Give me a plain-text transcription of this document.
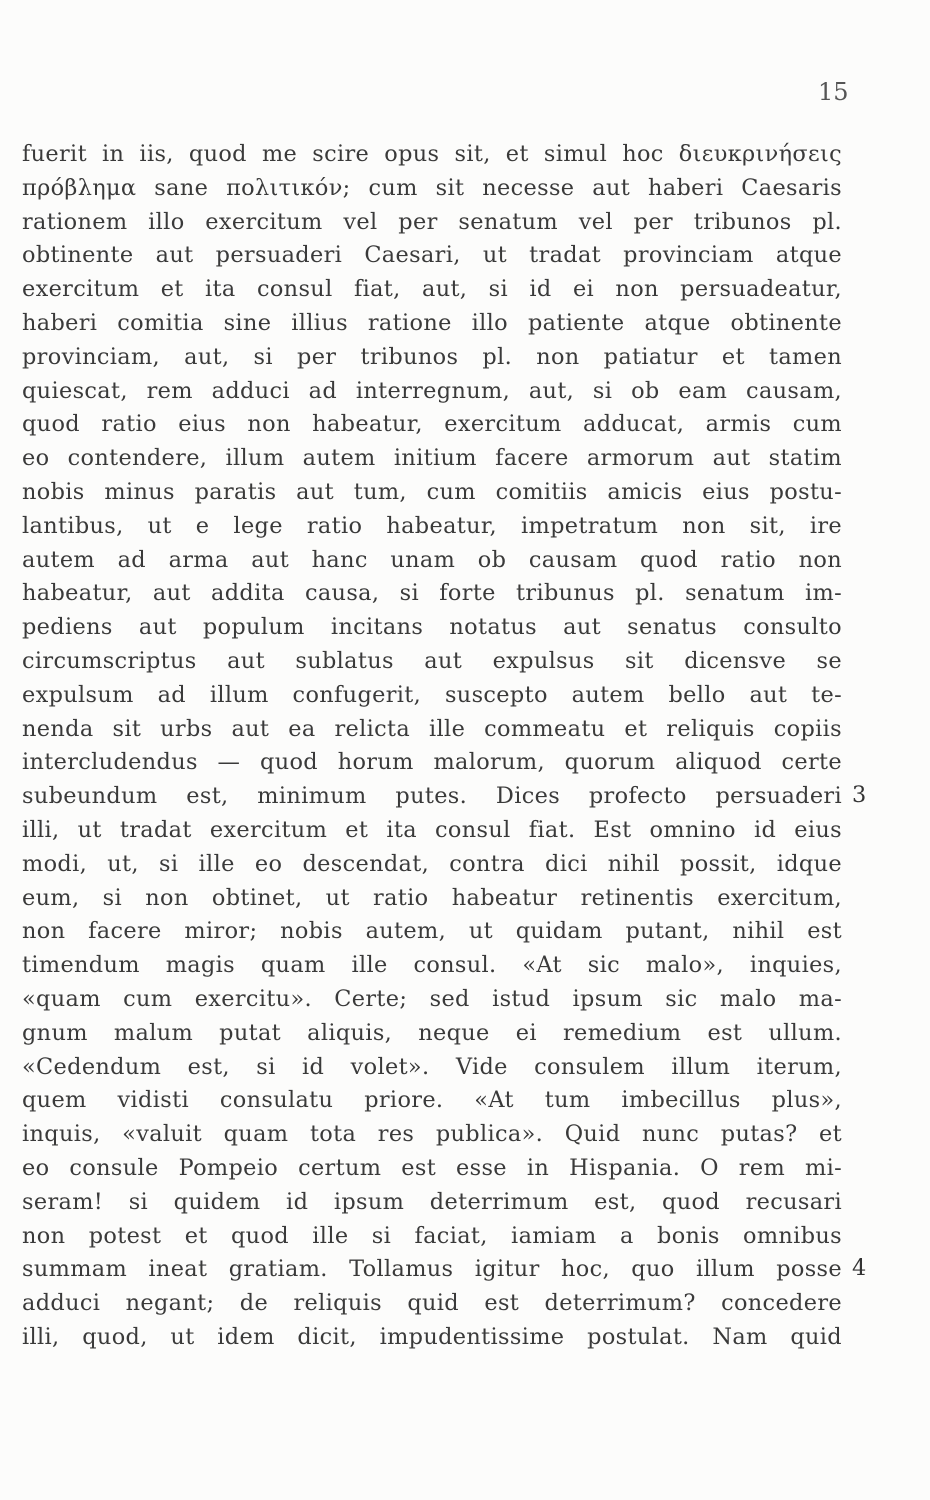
15
fuerit in iis, quod me scire opus sit, et simul hoc διευκρινήσεις
πρόβλημα sane πολιτικόν; cum sit necesse aut haberi Caesaris
rationem illo exercitum vel per senatum vel per tribunos pl.
obtinente aut persuaderi Caesari, ut tradat provinciam atque
exercitum et ita consul fiat, aut, si id ei non persuadeatur,
haberi comitia sine illius ratione illo patiente atque obtinente
provinciam, aut, si per tribunos pl. non patiatur et tamen
quiescat, rem adduci ad interregnum, aut, si ob eam causam,
quod ratio eius non habeatur, exercitum adducat, armis cum
eo contendere, illum autem initium facere armorum aut statim
nobis minus paratis aut tum, cum comitiis amicis eius postu-
lantibus, ut e lege ratio habeatur, impetratum non sit, ire
autem ad arma aut hanc unam ob causam quod ratio non
habeatur, aut addita causa, si forte tribunus pl. senatum im-
pediens aut populum incitans notatus aut senatus consulto
circumscriptus aut sublatus aut expulsus sit dicensve se
expulsum ad illum confugerit, suscepto autem bello aut te-
nenda sit urbs aut ea relicta ille commeatu et reliquis copiis
intercludendus — quod horum malorum, quorum aliquod certe
subeundum est, minimum putes. Dices profecto persuaderi
illi, ut tradat exercitum et ita consul fiat. Est omnino id eius
modi, ut, si ille eo descendat, contra dici nihil possit, idque
eum, si non obtinet, ut ratio habeatur retinentis exercitum,
non facere miror; nobis autem, ut quidam putant, nihil est
timendum magis quam ille consul. «At sic malo», inquies,
«quam cum exercitu». Certe; sed istud ipsum sic malo ma-
gnum malum putat aliquis, neque ei remedium est ullum.
«Cedendum est, si id volet». Vide consulem illum iterum,
quem vidisti consulatu priore. «At tum imbecillus plus»,
inquis, «valuit quam tota res publica». Quid nunc putas? et
eo consule Pompeio certum est esse in Hispania. O rem mi-
seram! si quidem id ipsum deterrimum est, quod recusari
non potest et quod ille si faciat, iamiam a bonis omnibus
summam ineat gratiam. Tollamus igitur hoc, quo illum posse
adduci negant; de reliquis quid est deterrimum? concedere
illi, quod, ut idem dicit, impudentissime postulat. Nam quid
3
4
